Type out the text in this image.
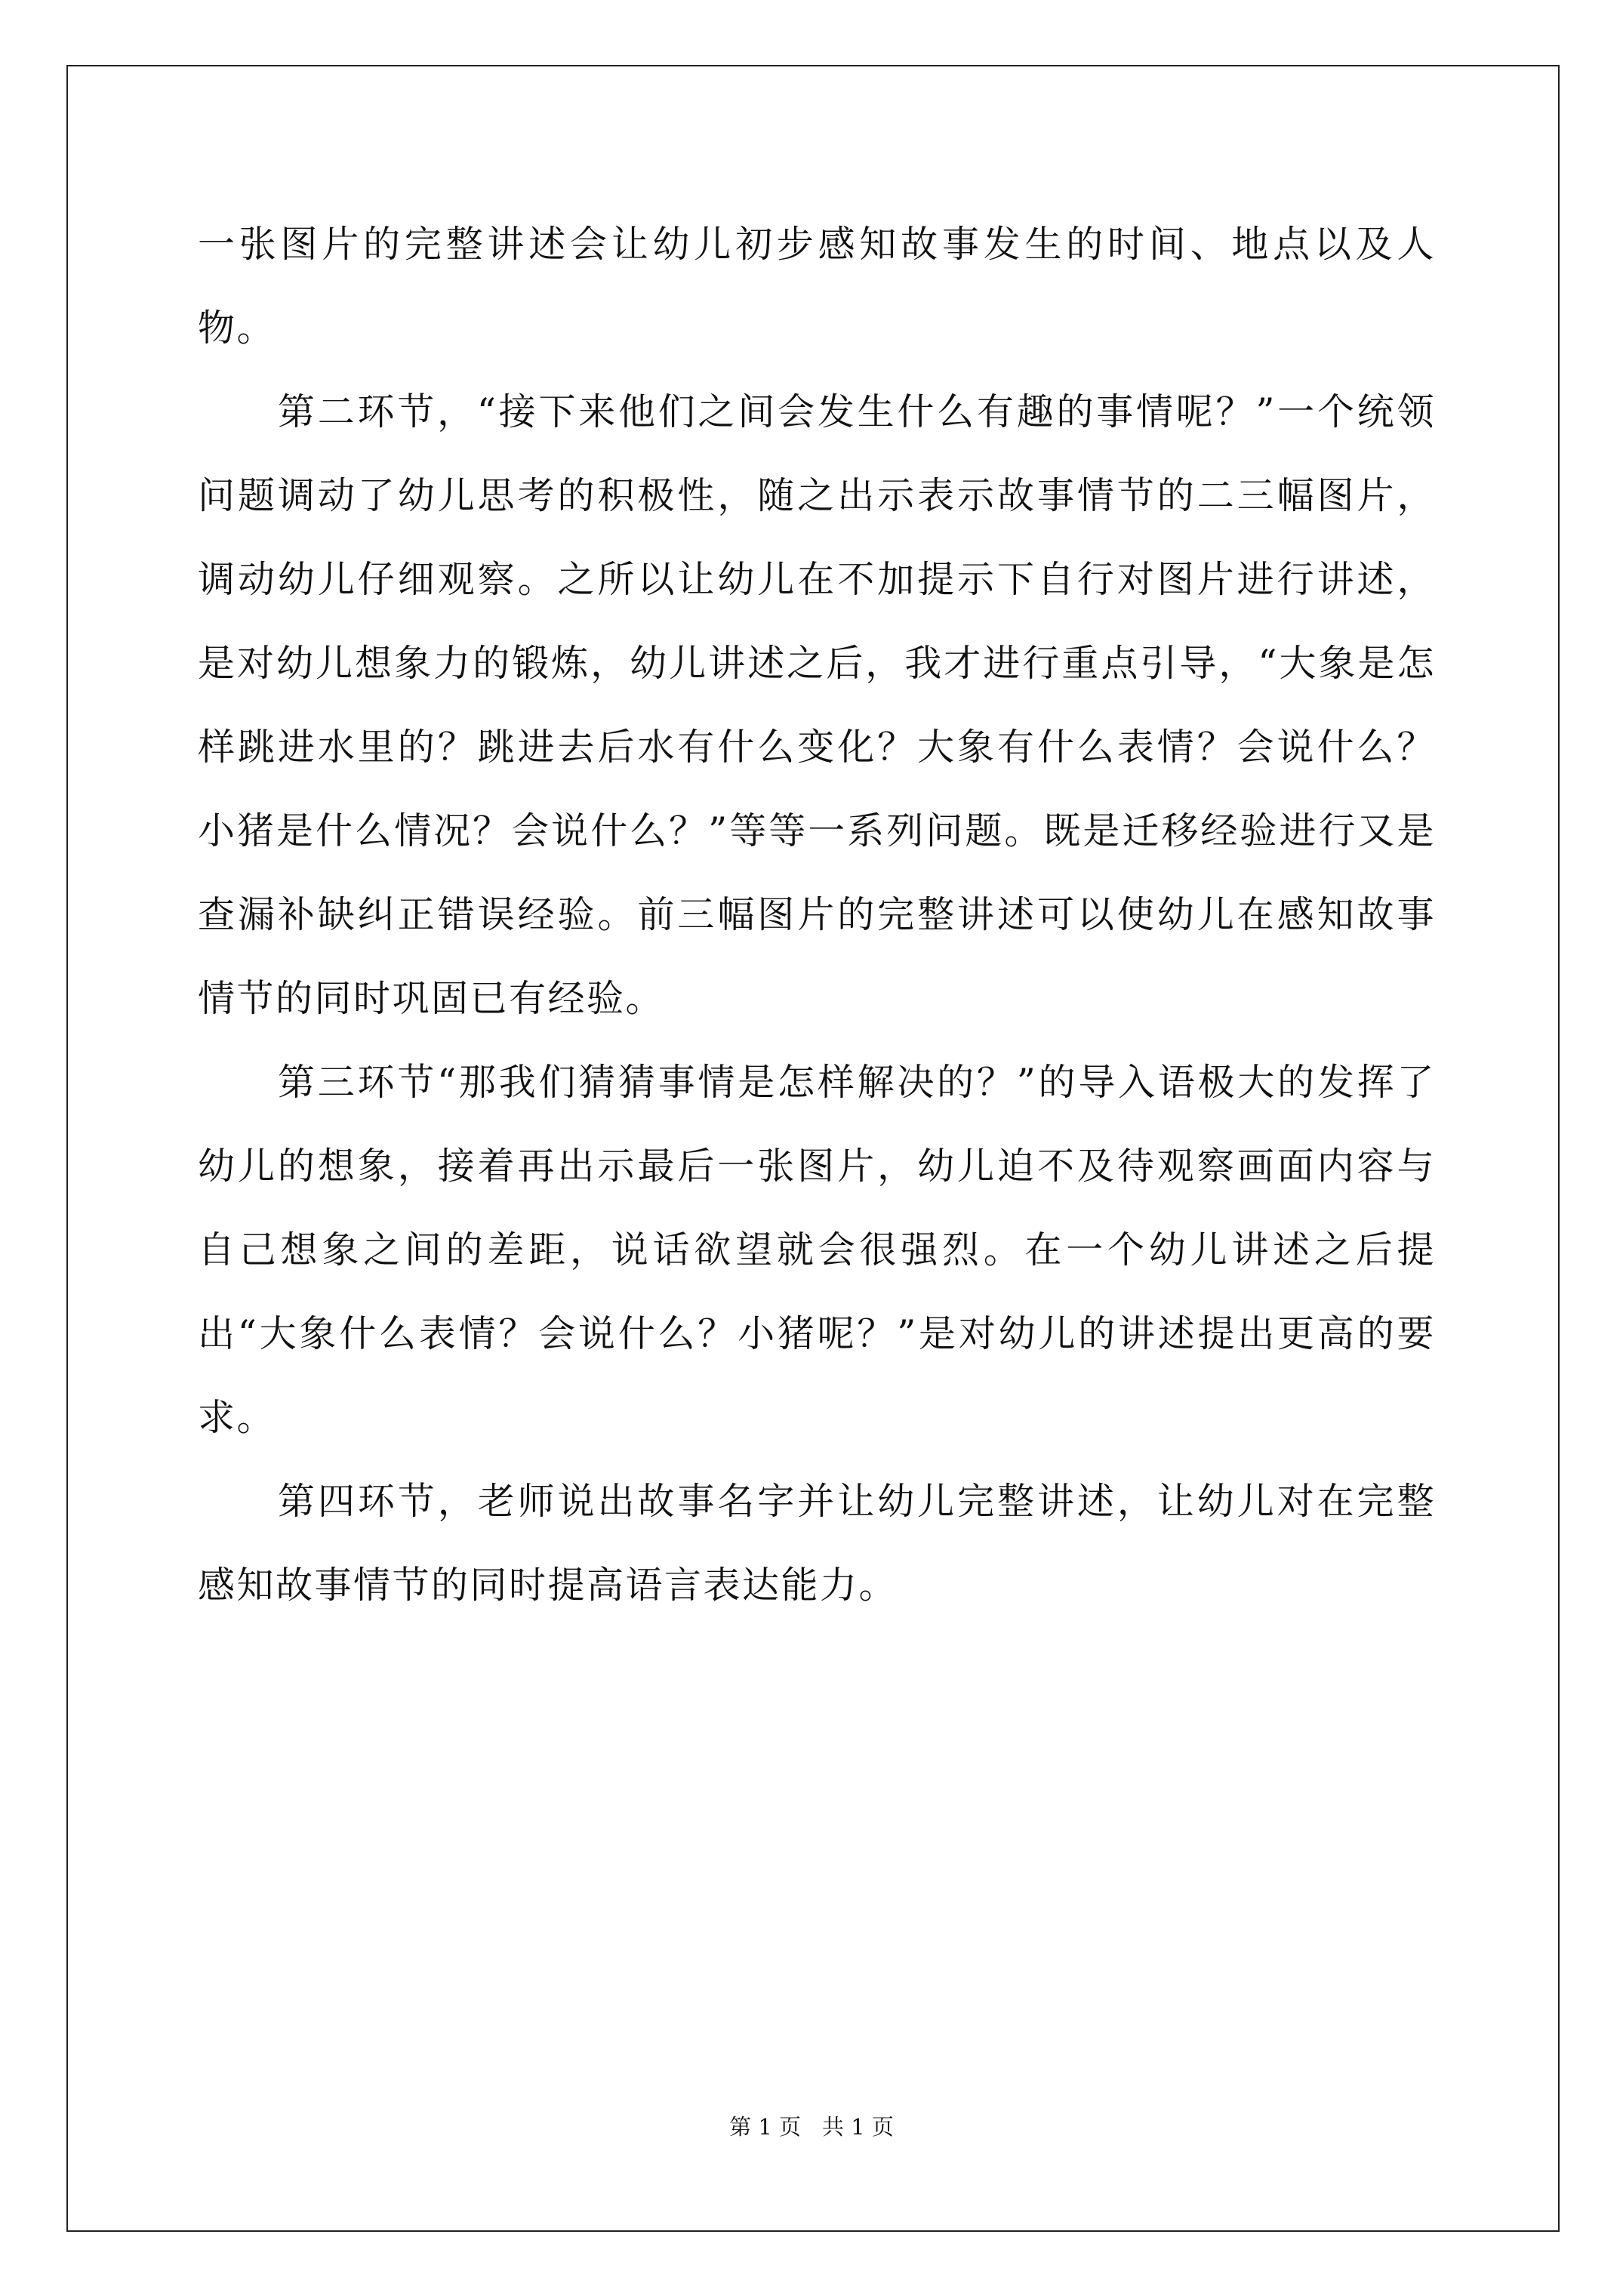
一张图片的完整讲述会让幼儿初步感知故事发生的时间、地点以及人物。

第二环节，“接下来他们之间会发生什么有趣的事情呢？”一个统领问题调动了幼儿思考的积极性，随之出示表示故事情节的二三幅图片，调动幼儿仔细观察。之所以让幼儿在不加提示下自行对图片进行讲述，是对幼儿想象力的锻炼，幼儿讲述之后，我才进行重点引导，“大象是怎样跳进水里的？跳进去后水有什么变化？大象有什么表情？会说什么？小猪是什么情况？会说什么？”等等一系列问题。既是迁移经验进行又是查漏补缺纠正错误经验。前三幅图片的完整讲述可以使幼儿在感知故事情节的同时巩固已有经验。

第三环节“那我们猜猜事情是怎样解决的？”的导入语极大的发挥了幼儿的想象，接着再出示最后一张图片，幼儿迫不及待观察画面内容与自己想象之间的差距，说话欲望就会很强烈。在一个幼儿讲述之后提出“大象什么表情？会说什么？小猪呢？”是对幼儿的讲述提出更高的要求。

第四环节，老师说出故事名字并让幼儿完整讲述，让幼儿对在完整感知故事情节的同时提高语言表达能力。

第 1 页 共 1 页
